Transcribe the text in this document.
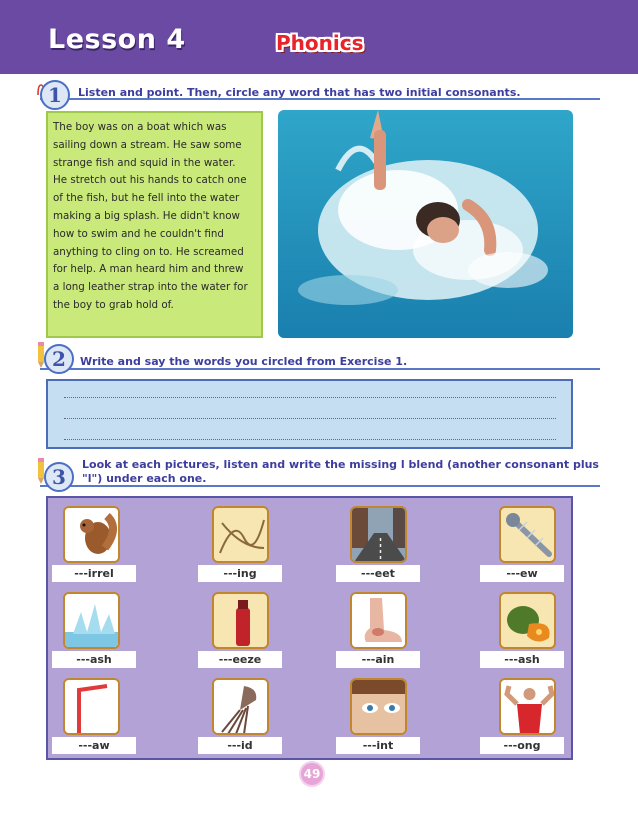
Lesson 4	Phonics
1	Listen and point. Then, circle any word that has two initial consonants.
The boy was on a boat which was
sailing down a stream. He saw some
strange fish and squid in the water.
He stretch out his hands to catch one
of the fish, but he fell into the water
making a big splash. He didn't know
how to swim and he couldn't find
anything to cling on to. He screamed
for help. A man heard him and threw
a long leather strap into the water for
the boy to grab hold of.
2	Write and say the words you circled from Exercise 1.
3
Look at each pictures, listen and write the missing l blend (another consonant plus
"l") under each one.
---irrel	---ing	---eet	---ew
---ash	---eeze	---ain	---ash
---aw	---id	---int	---ong
49
